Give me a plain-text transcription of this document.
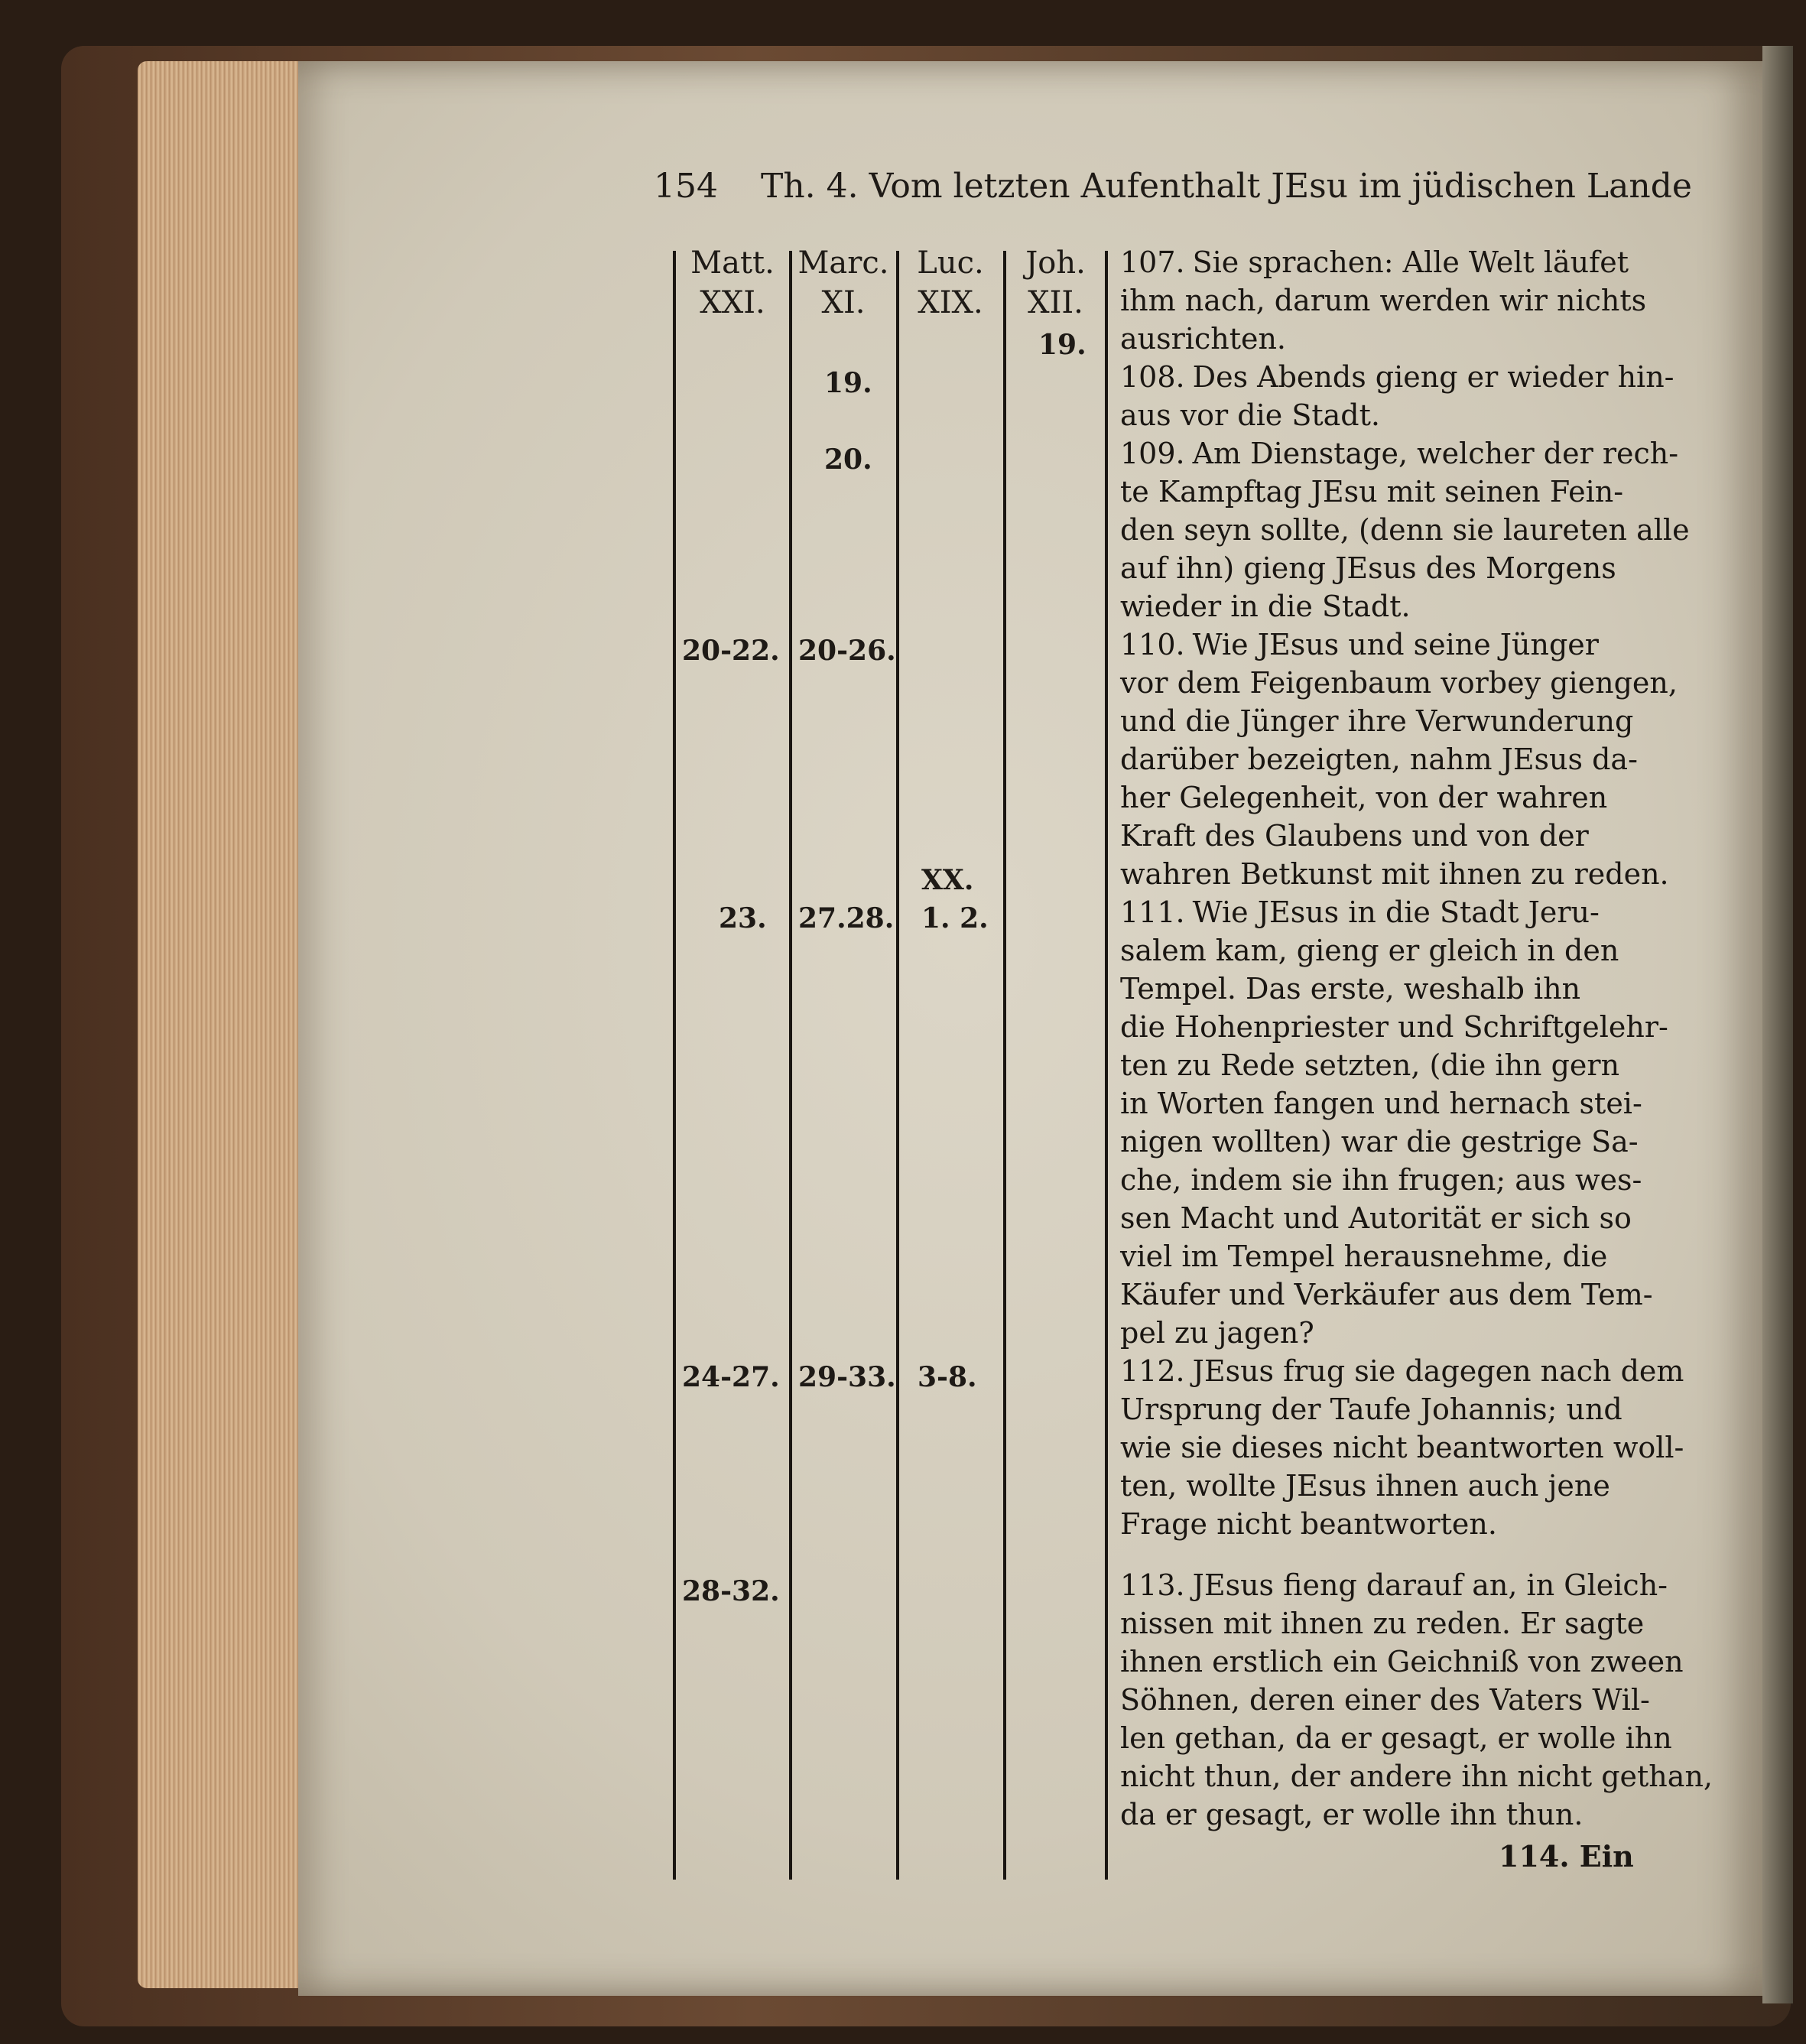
154 Th. 4. Vom letzten Aufenthalt JEsu im jüdischen Lande
Matt.
XXI.
Marc.
XI.
Luc.
XIX.
Joh.
XII.
19.
19.
20.
20-22. 20-26.
XX.
23. 27.28. 1. 2.
24-27. 29-33. 3-8.
28-32.
107. Sie sprachen: Alle Welt läufet
ihm nach, darum werden wir nichts
ausrichten.
108. Des Abends gieng er wieder hin-
aus vor die Stadt.
109. Am Dienstage, welcher der rech-
te Kampftag JEsu mit seinen Fein-
den seyn sollte, (denn sie laureten alle
auf ihn) gieng JEsus des Morgens
wieder in die Stadt.
110. Wie JEsus und seine Jünger
vor dem Feigenbaum vorbey giengen,
und die Jünger ihre Verwunderung
darüber bezeigten, nahm JEsus da-
her Gelegenheit, von der wahren
Kraft des Glaubens und von der
wahren Betkunst mit ihnen zu reden.
111. Wie JEsus in die Stadt Jeru-
salem kam, gieng er gleich in den
Tempel. Das erste, weshalb ihn
die Hohenpriester und Schriftgelehr-
ten zu Rede setzten, (die ihn gern
in Worten fangen und hernach stei-
nigen wollten) war die gestrige Sa-
che, indem sie ihn frugen; aus wes-
sen Macht und Autorität er sich so
viel im Tempel herausnehme, die
Käufer und Verkäufer aus dem Tem-
pel zu jagen?
112. JEsus frug sie dagegen nach dem
Ursprung der Taufe Johannis; und
wie sie dieses nicht beantworten woll-
ten, wollte JEsus ihnen auch jene
Frage nicht beantworten.
113. JEsus fieng darauf an, in Gleich-
nissen mit ihnen zu reden. Er sagte
ihnen erstlich ein Geichniß von zween
Söhnen, deren einer des Vaters Wil-
len gethan, da er gesagt, er wolle ihn
nicht thun, der andere ihn nicht gethan,
da er gesagt, er wolle ihn thun.
114. Ein
